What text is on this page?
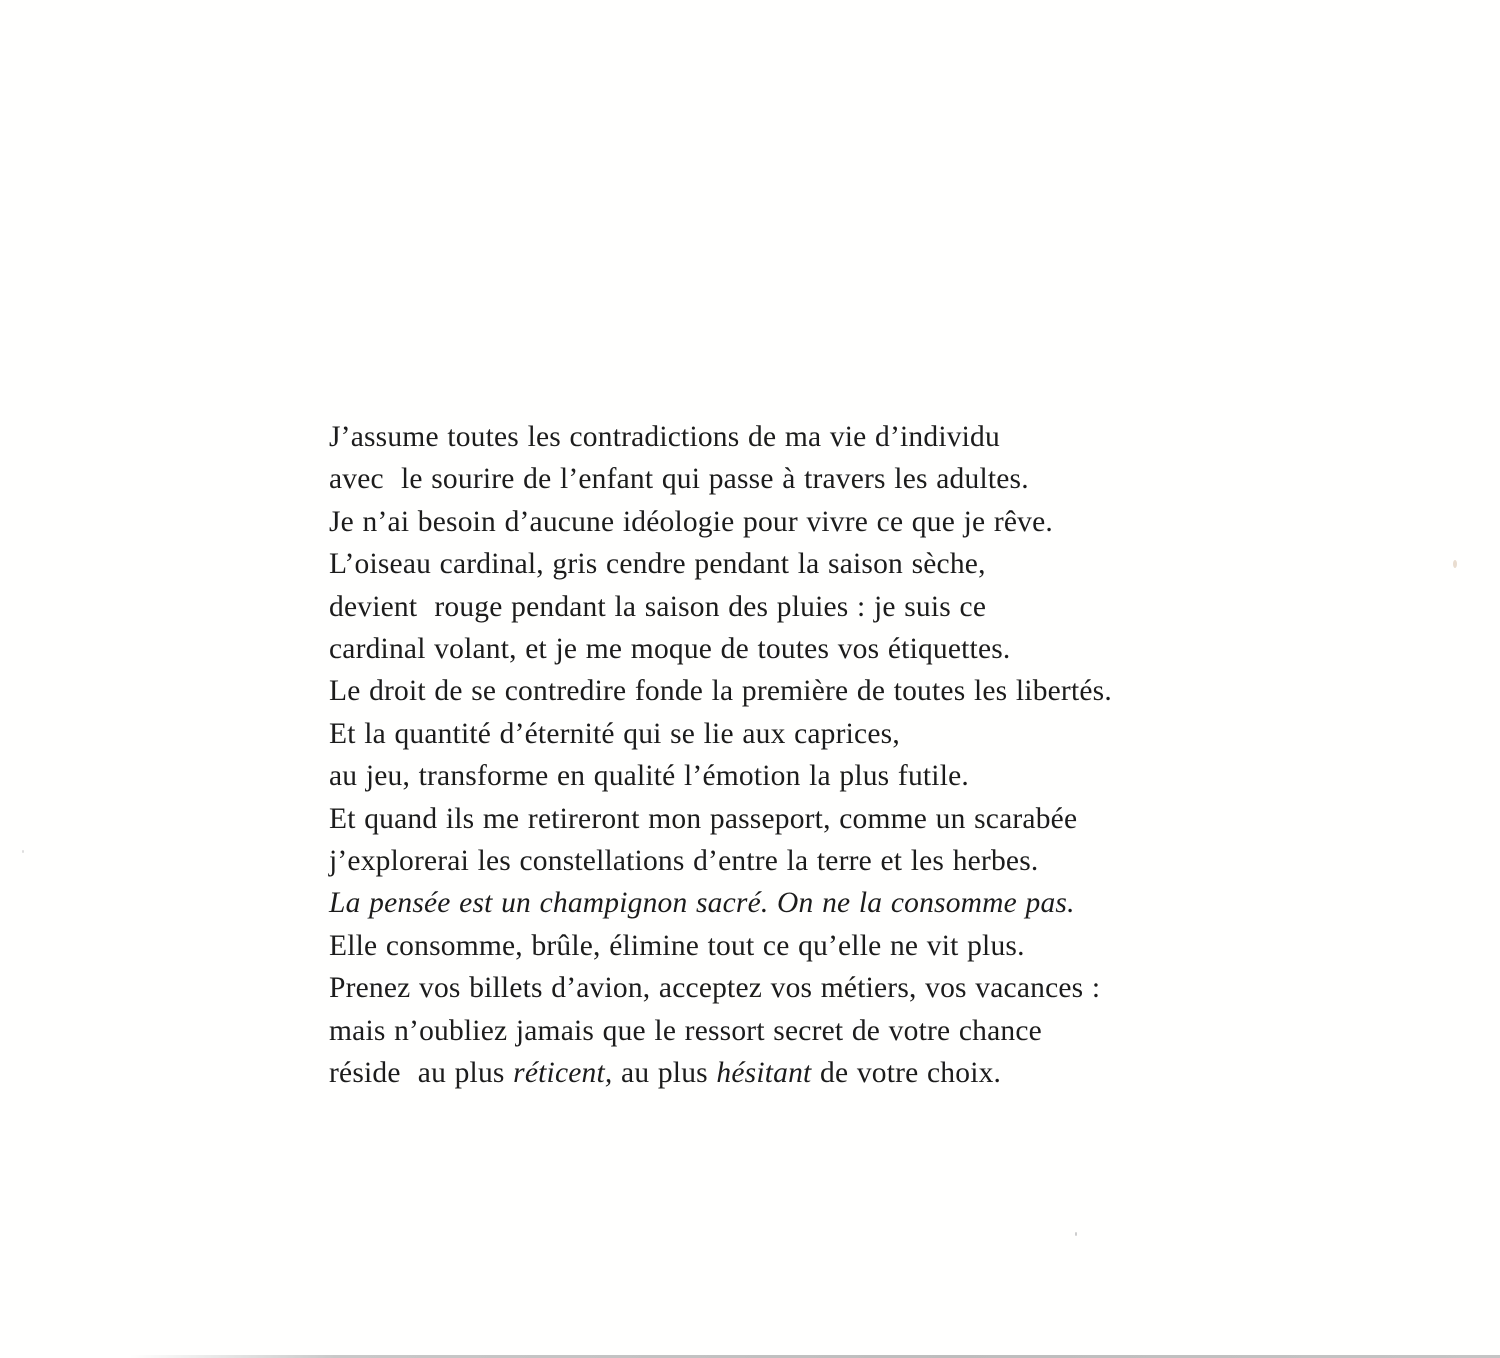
J’assume toutes les contradictions de ma vie d’individu
avec  le sourire de l’enfant qui passe à travers les adultes.
Je n’ai besoin d’aucune idéologie pour vivre ce que je rêve.
L’oiseau cardinal, gris cendre pendant la saison sèche,
devient  rouge pendant la saison des pluies : je suis ce
cardinal volant, et je me moque de toutes vos étiquettes.
Le droit de se contredire fonde la première de toutes les libertés.
Et la quantité d’éternité qui se lie aux caprices,
au jeu, transforme en qualité l’émotion la plus futile.
Et quand ils me retireront mon passeport, comme un scarabée
j’explorerai les constellations d’entre la terre et les herbes.
La pensée est un champignon sacré. On ne la consomme pas.
Elle consomme, brûle, élimine tout ce qu’elle ne vit plus.
Prenez vos billets d’avion, acceptez vos métiers, vos vacances :
mais n’oubliez jamais que le ressort secret de votre chance
réside  au plus réticent, au plus hésitant de votre choix.
